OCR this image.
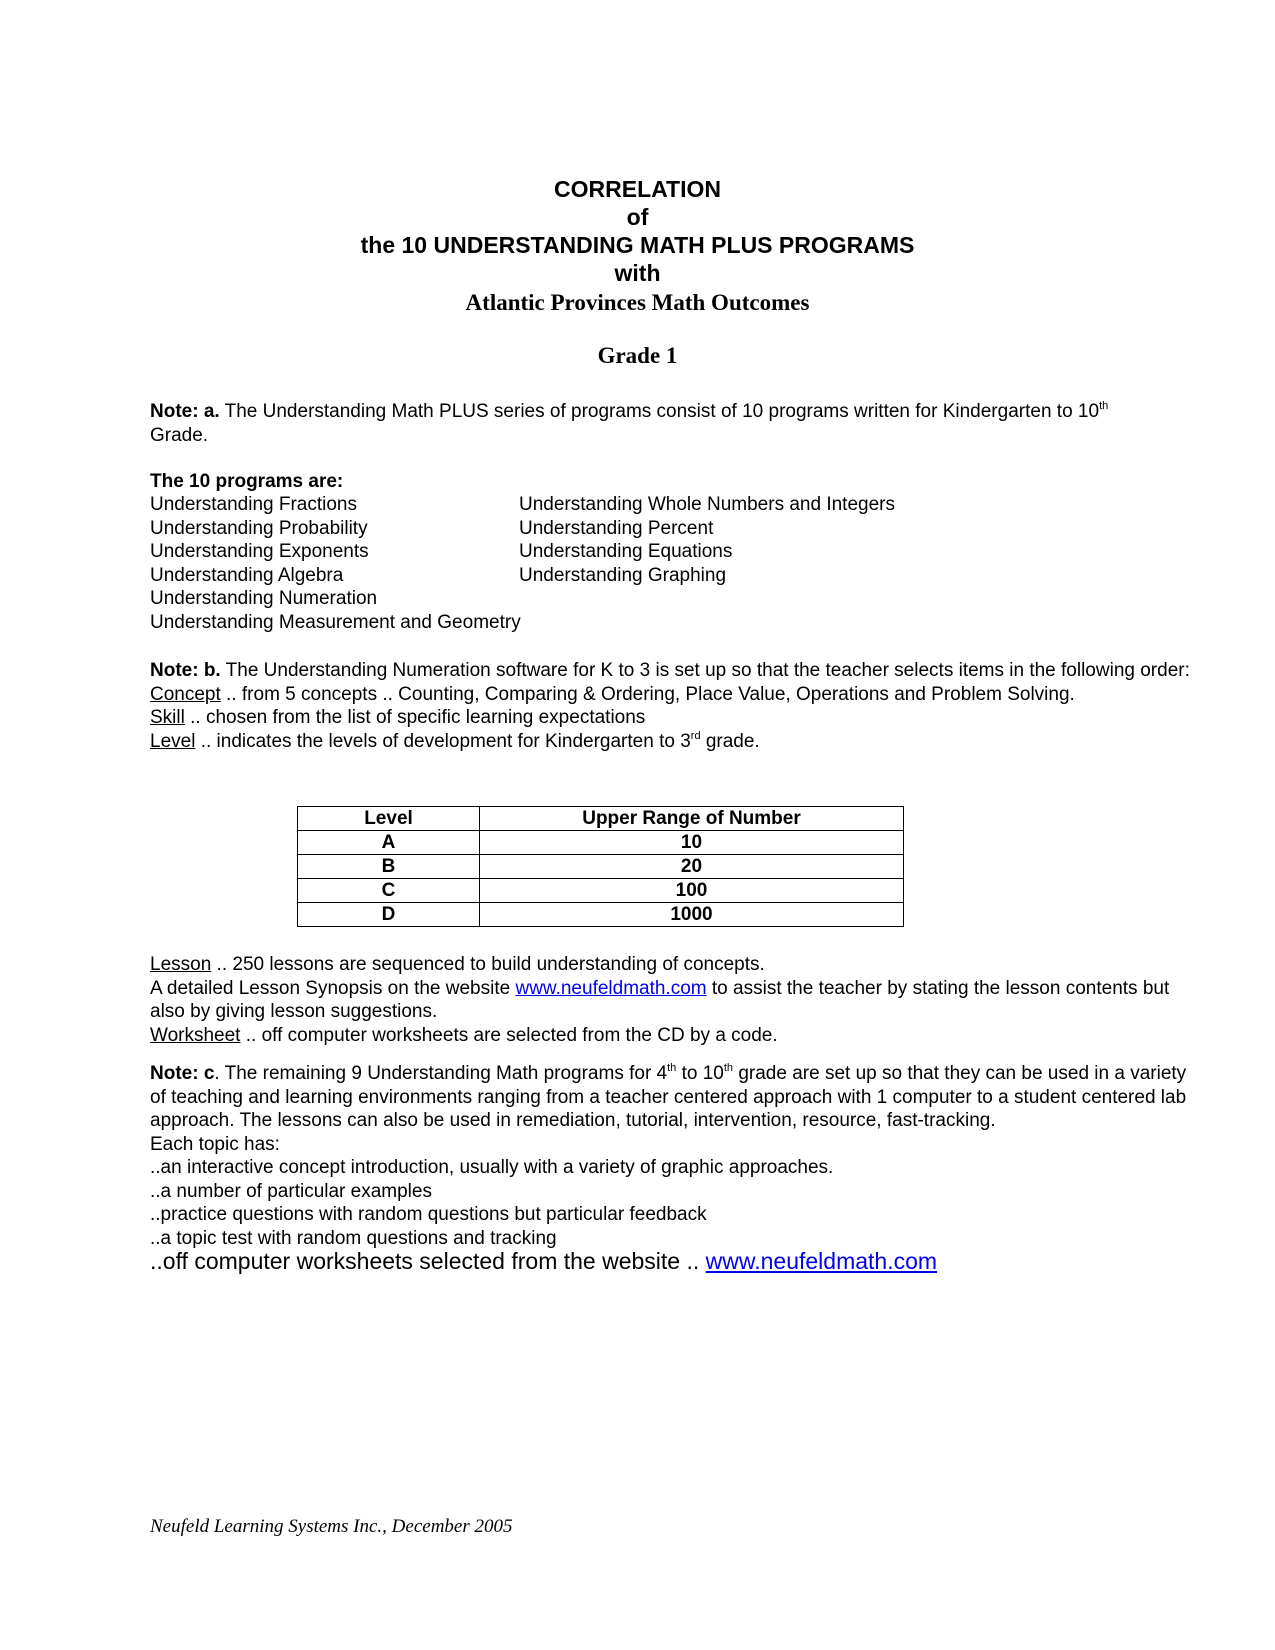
CORRELATION
of
the 10 UNDERSTANDING MATH PLUS PROGRAMS
with
Atlantic Provinces Math Outcomes
Grade 1
Note: a. The Understanding Math PLUS series of programs consist of 10 programs written for Kindergarten to 10th
Grade.
The 10 programs are:
Understanding Fractions
Understanding Probability
Understanding Exponents
Understanding Algebra
Understanding Numeration
Understanding Measurement and Geometry
Understanding Whole Numbers and Integers
Understanding Percent
Understanding Equations
Understanding Graphing
Note: b. The Understanding Numeration software for K to 3 is set up so that the teacher selects items in the following order:
Concept .. from 5 concepts .. Counting, Comparing & Ordering, Place Value, Operations and Problem Solving.
Skill .. chosen from the list of specific learning expectations
Level .. indicates the levels of development for Kindergarten to 3rd grade.
Level	Upper Range of Number
A	10
B	20
C	100
D	1000
Lesson .. 250 lessons are sequenced to build understanding of concepts.
A detailed Lesson Synopsis on the website www.neufeldmath.com to assist the teacher by stating the lesson contents but also by giving lesson suggestions.
Worksheet .. off computer worksheets are selected from the CD by a code.
Note: c. The remaining 9 Understanding Math programs for 4th to 10th grade are set up so that they can be used in a variety of teaching and learning environments ranging from a teacher centered approach with 1 computer to a student centered lab approach. The lessons can also be used in remediation, tutorial, intervention, resource, fast-tracking.
Each topic has:
..an interactive concept introduction, usually with a variety of graphic approaches.
..a number of particular examples
..practice questions with random questions but particular feedback
..a topic test with random questions and tracking
..off computer worksheets selected from the website .. www.neufeldmath.com
Neufeld Learning Systems Inc., December 2005
